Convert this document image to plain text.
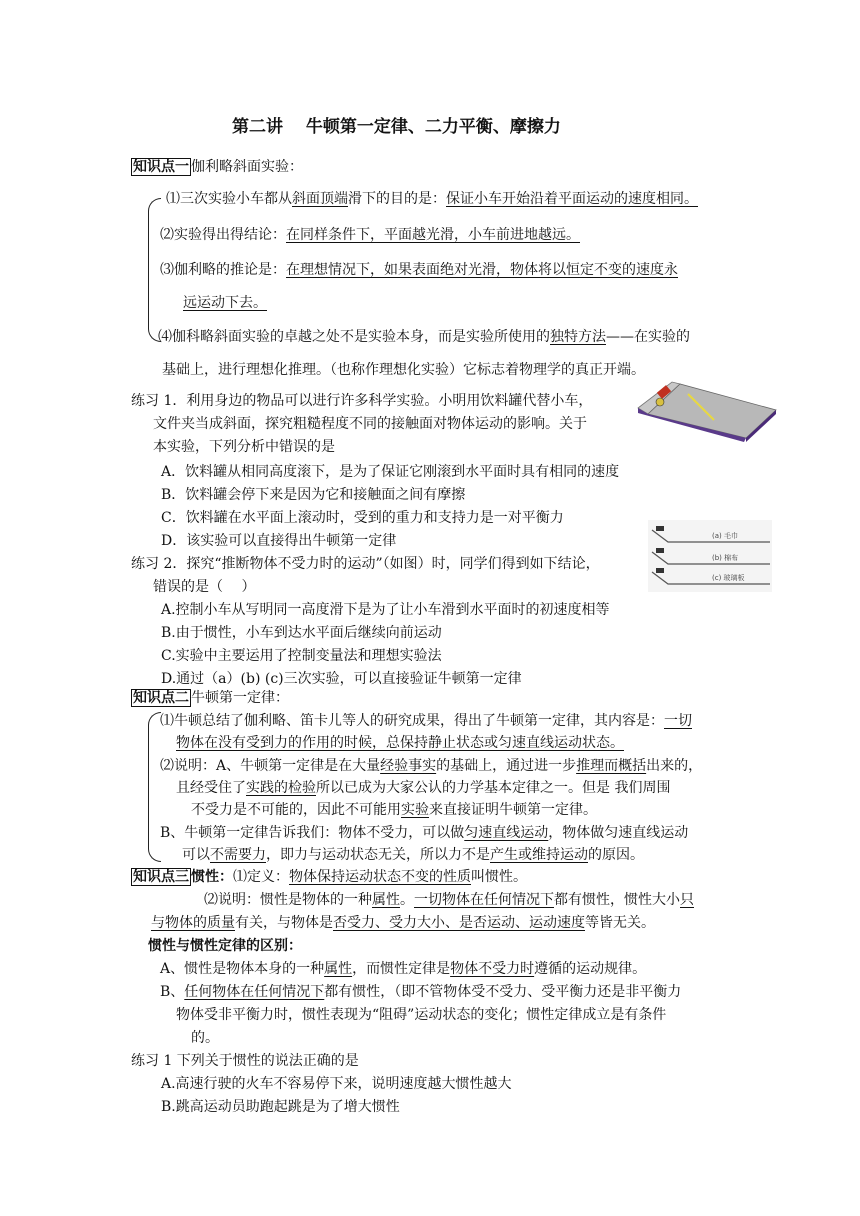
第二讲　 牛顿第一定律、二力平衡、摩擦力
知识点一 伽利略斜面实验：
⑴三次实验小车都从斜面顶端滑下的目的是：保证小车开始沿着平面运动的速度相同。
⑵实验得出得结论：在同样条件下，平面越光滑，小车前进地越远。
⑶伽利略的推论是：在理想情况下，如果表面绝对光滑，物体将以恒定不变的速度永
远运动下去。
⑷伽科略斜面实验的卓越之处不是实验本身，而是实验所使用的独特方法——在实验的
基础上，进行理想化推理。（也称作理想化实验）它标志着物理学的真正开端。
练习 1．利用身边的物品可以进行许多科学实验。小明用饮料罐代替小车，
文件夹当成斜面，探究粗糙程度不同的接触面对物体运动的影响。关于
本实验，下列分析中错误的是
A．饮料罐从相同高度滚下，是为了保证它刚滚到水平面时具有相同的速度
B．饮料罐会停下来是因为它和接触面之间有摩擦
C．饮料罐在水平面上滚动时，受到的重力和支持力是一对平衡力
D．该实验可以直接得出牛顿第一定律	(a) 毛巾
(b) 棉布
(c) 玻璃板
练习 2．探究“推断物体不受力时的运动”（如图）时，同学们得到如下结论，
错误的是（　 ）
A.控制小车从写明同一高度滑下是为了让小车滑到水平面时的初速度相等
B.由于惯性，小车到达水平面后继续向前运动
C.实验中主要运用了控制变量法和理想实验法
D.通过（a）(b) (c)三次实验，可以直接验证牛顿第一定律
知识点二 牛顿第一定律：
⑴牛顿总结了伽利略、笛卡儿等人的研究成果，得出了牛顿第一定律，其内容是：一切
物体在没有受到力的作用的时候，总保持静止状态或匀速直线运动状态。
⑵说明：A、牛顿第一定律是在大量经验事实的基础上，通过进一步推理而概括出来的，
且经受住了实践的检验所以已成为大家公认的力学基本定律之一。但是 我们周围
不受力是不可能的，因此不可能用实验来直接证明牛顿第一定律。
B、牛顿第一定律告诉我们：物体不受力，可以做匀速直线运动，物体做匀速直线运动
可以不需要力，即力与运动状态无关，所以力不是产生或维持运动的原因。
知识点三 惯性：⑴定义：物体保持运动状态不变的性质叫惯性。
⑵说明：惯性是物体的一种属性。一切物体在任何情况下都有惯性，惯性大小只
与物体的质量有关，与物体是否受力、受力大小、是否运动、运动速度等皆无关。
惯性与惯性定律的区别：
A、惯性是物体本身的一种属性，而惯性定律是物体不受力时遵循的运动规律。
B、任何物体在任何情况下都有惯性，（即不管物体受不受力、受平衡力还是非平衡力
物体受非平衡力时，惯性表现为“阻碍”运动状态的变化；惯性定律成立是有条件
的。
练习 1 下列关于惯性的说法正确的是
A.高速行驶的火车不容易停下来，说明速度越大惯性越大
B.跳高运动员助跑起跳是为了增大惯性
